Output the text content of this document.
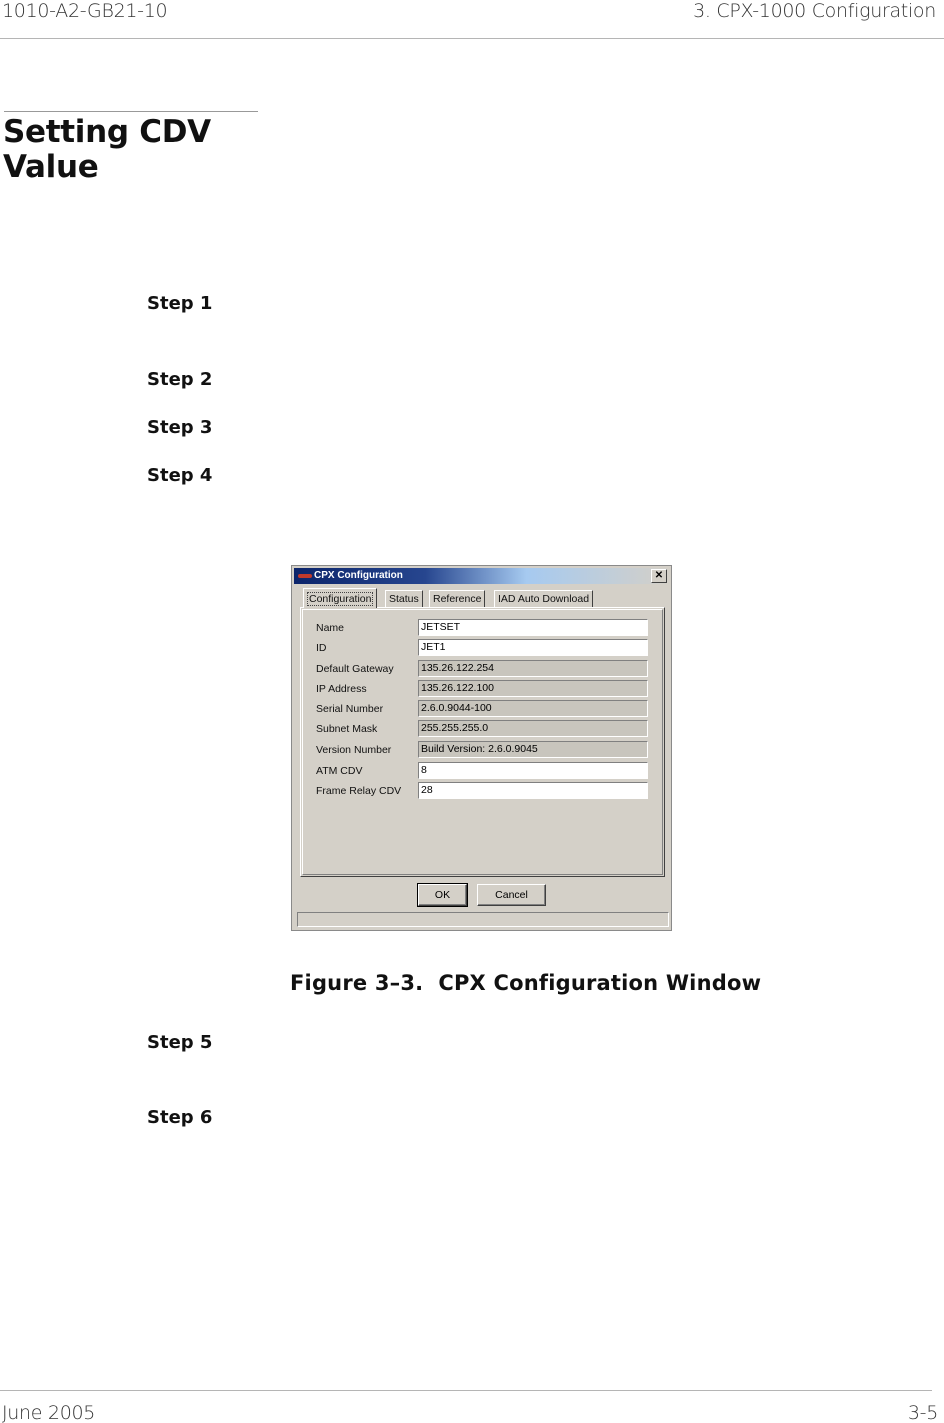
1010-A2-GB21-10	3. CPX-1000 Configuration
Setting CDV Value
Step 1
Step 2
Step 3
Step 4
Step 5
Step 6
CPX Configuration	✕
Configuration	Status	Reference	IAD Auto Download
Name	JETSET
ID	JET1
Default Gateway	135.26.122.254
IP Address	135.26.122.100
Serial Number	2.6.0.9044-100
Subnet Mask	255.255.255.0
Version Number	Build Version: 2.6.0.9045
ATM CDV	8
Frame Relay CDV 28
OK	Cancel
Figure 3–3.  CPX Configuration Window
June 2005	3-5
